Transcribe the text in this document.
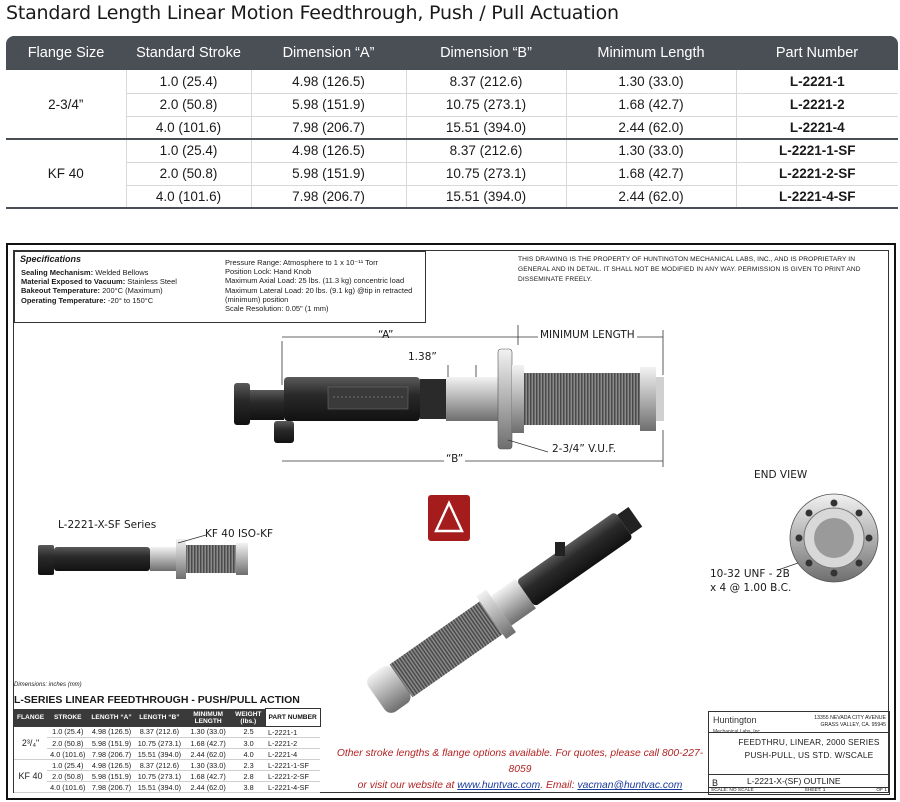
Standard Length Linear Motion Feedthrough, Push / Pull Actuation
Flange Size	Standard Stroke	Dimension “A”	Dimension “B”	Minimum Length	Part Number
2-3/4”	1.0 (25.4)	4.98 (126.5)	8.37 (212.6)	1.30 (33.0)	L-2221-1
	2.0 (50.8)	5.98 (151.9)	10.75 (273.1)	1.68 (42.7)	L-2221-2
	4.0 (101.6)	7.98 (206.7)	15.51 (394.0)	2.44 (62.0)	L-2221-4
KF 40	1.0 (25.4)	4.98 (126.5)	8.37 (212.6)	1.30 (33.0)	L-2221-1-SF
	2.0 (50.8)	5.98 (151.9)	10.75 (273.1)	1.68 (42.7)	L-2221-2-SF
	4.0 (101.6)	7.98 (206.7)	15.51 (394.0)	2.44 (62.0)	L-2221-4-SF
Specifications
Sealing Mechanism: Welded Bellows
Material Exposed to Vacuum: Stainless Steel
Bakeout Temperature: 200°C (Maximum)
Operating Temperature: -20° to 150°C
Pressure Range: Atmosphere to 1 x 10⁻¹¹ Torr
Position Lock: Hand Knob
Maximum Axial Load: 25 lbs. (11.3 kg) concentric load
Maximum Lateral Load: 20 lbs. (9.1 kg) @tip in retracted
(minimum) position
Scale Resolution: 0.05" (1 mm)
THIS DRAWING IS THE PROPERTY OF HUNTINGTON MECHANICAL LABS, INC., AND IS PROPRIETARY IN GENERAL AND IN DETAIL. IT SHALL NOT BE MODIFIED IN ANY WAY. PERMISSION IS GIVEN TO PRINT AND DISSEMINATE FREELY.
“A”	MINIMUM LENGTH
1.38”
2-3/4” V.U.F.
“B”
END VIEW
L-2221-X-SF Series
KF 40 ISO-KF
10-32 UNF - 2B
x 4 @ 1.00 B.C.
Dimensions: inches (mm)
L-SERIES LINEAR FEEDTHROUGH - PUSH/PULL ACTION
FLANGE	STROKE	LENGTH “A”	LENGTH “B”	MINIMUM LENGTH	WEIGHT (lbs.)	PART NUMBER
2³/₄"	1.0 (25.4)	4.98 (126.5)	8.37 (212.6)	1.30 (33.0)	2.5	L-2221-1
	2.0 (50.8)	5.98 (151.9)	10.75 (273.1)	1.68 (42.7)	3.0	L-2221-2
	4.0 (101.6)	7.98 (206.7)	15.51 (394.0)	2.44 (62.0)	4.0	L-2221-4
KF 40	1.0 (25.4)	4.98 (126.5)	8.37 (212.6)	1.30 (33.0)	2.3	L-2221-1-SF
	2.0 (50.8)	5.98 (151.9)	10.75 (273.1)	1.68 (42.7)	2.8	L-2221-2-SF
	4.0 (101.6)	7.98 (206.7)	15.51 (394.0)	2.44 (62.0)	3.8	L-2221-4-SF
Other stroke lengths & flange options available. For quotes, please call 800-227-8059
or visit our website at www.huntvac.com. Email: vacman@huntvac.com
Huntington
Mechanical Labs, Inc.
13355 NEVADA CITY AVENUE
GRASS VALLEY, CA. 95945
FEEDTHRU, LINEAR, 2000 SERIES
PUSH-PULL, US STD. W/SCALE
B	L-2221-X-(SF) OUTLINE
SCALE: NO SCALE	SHEET: 1	OF 1
